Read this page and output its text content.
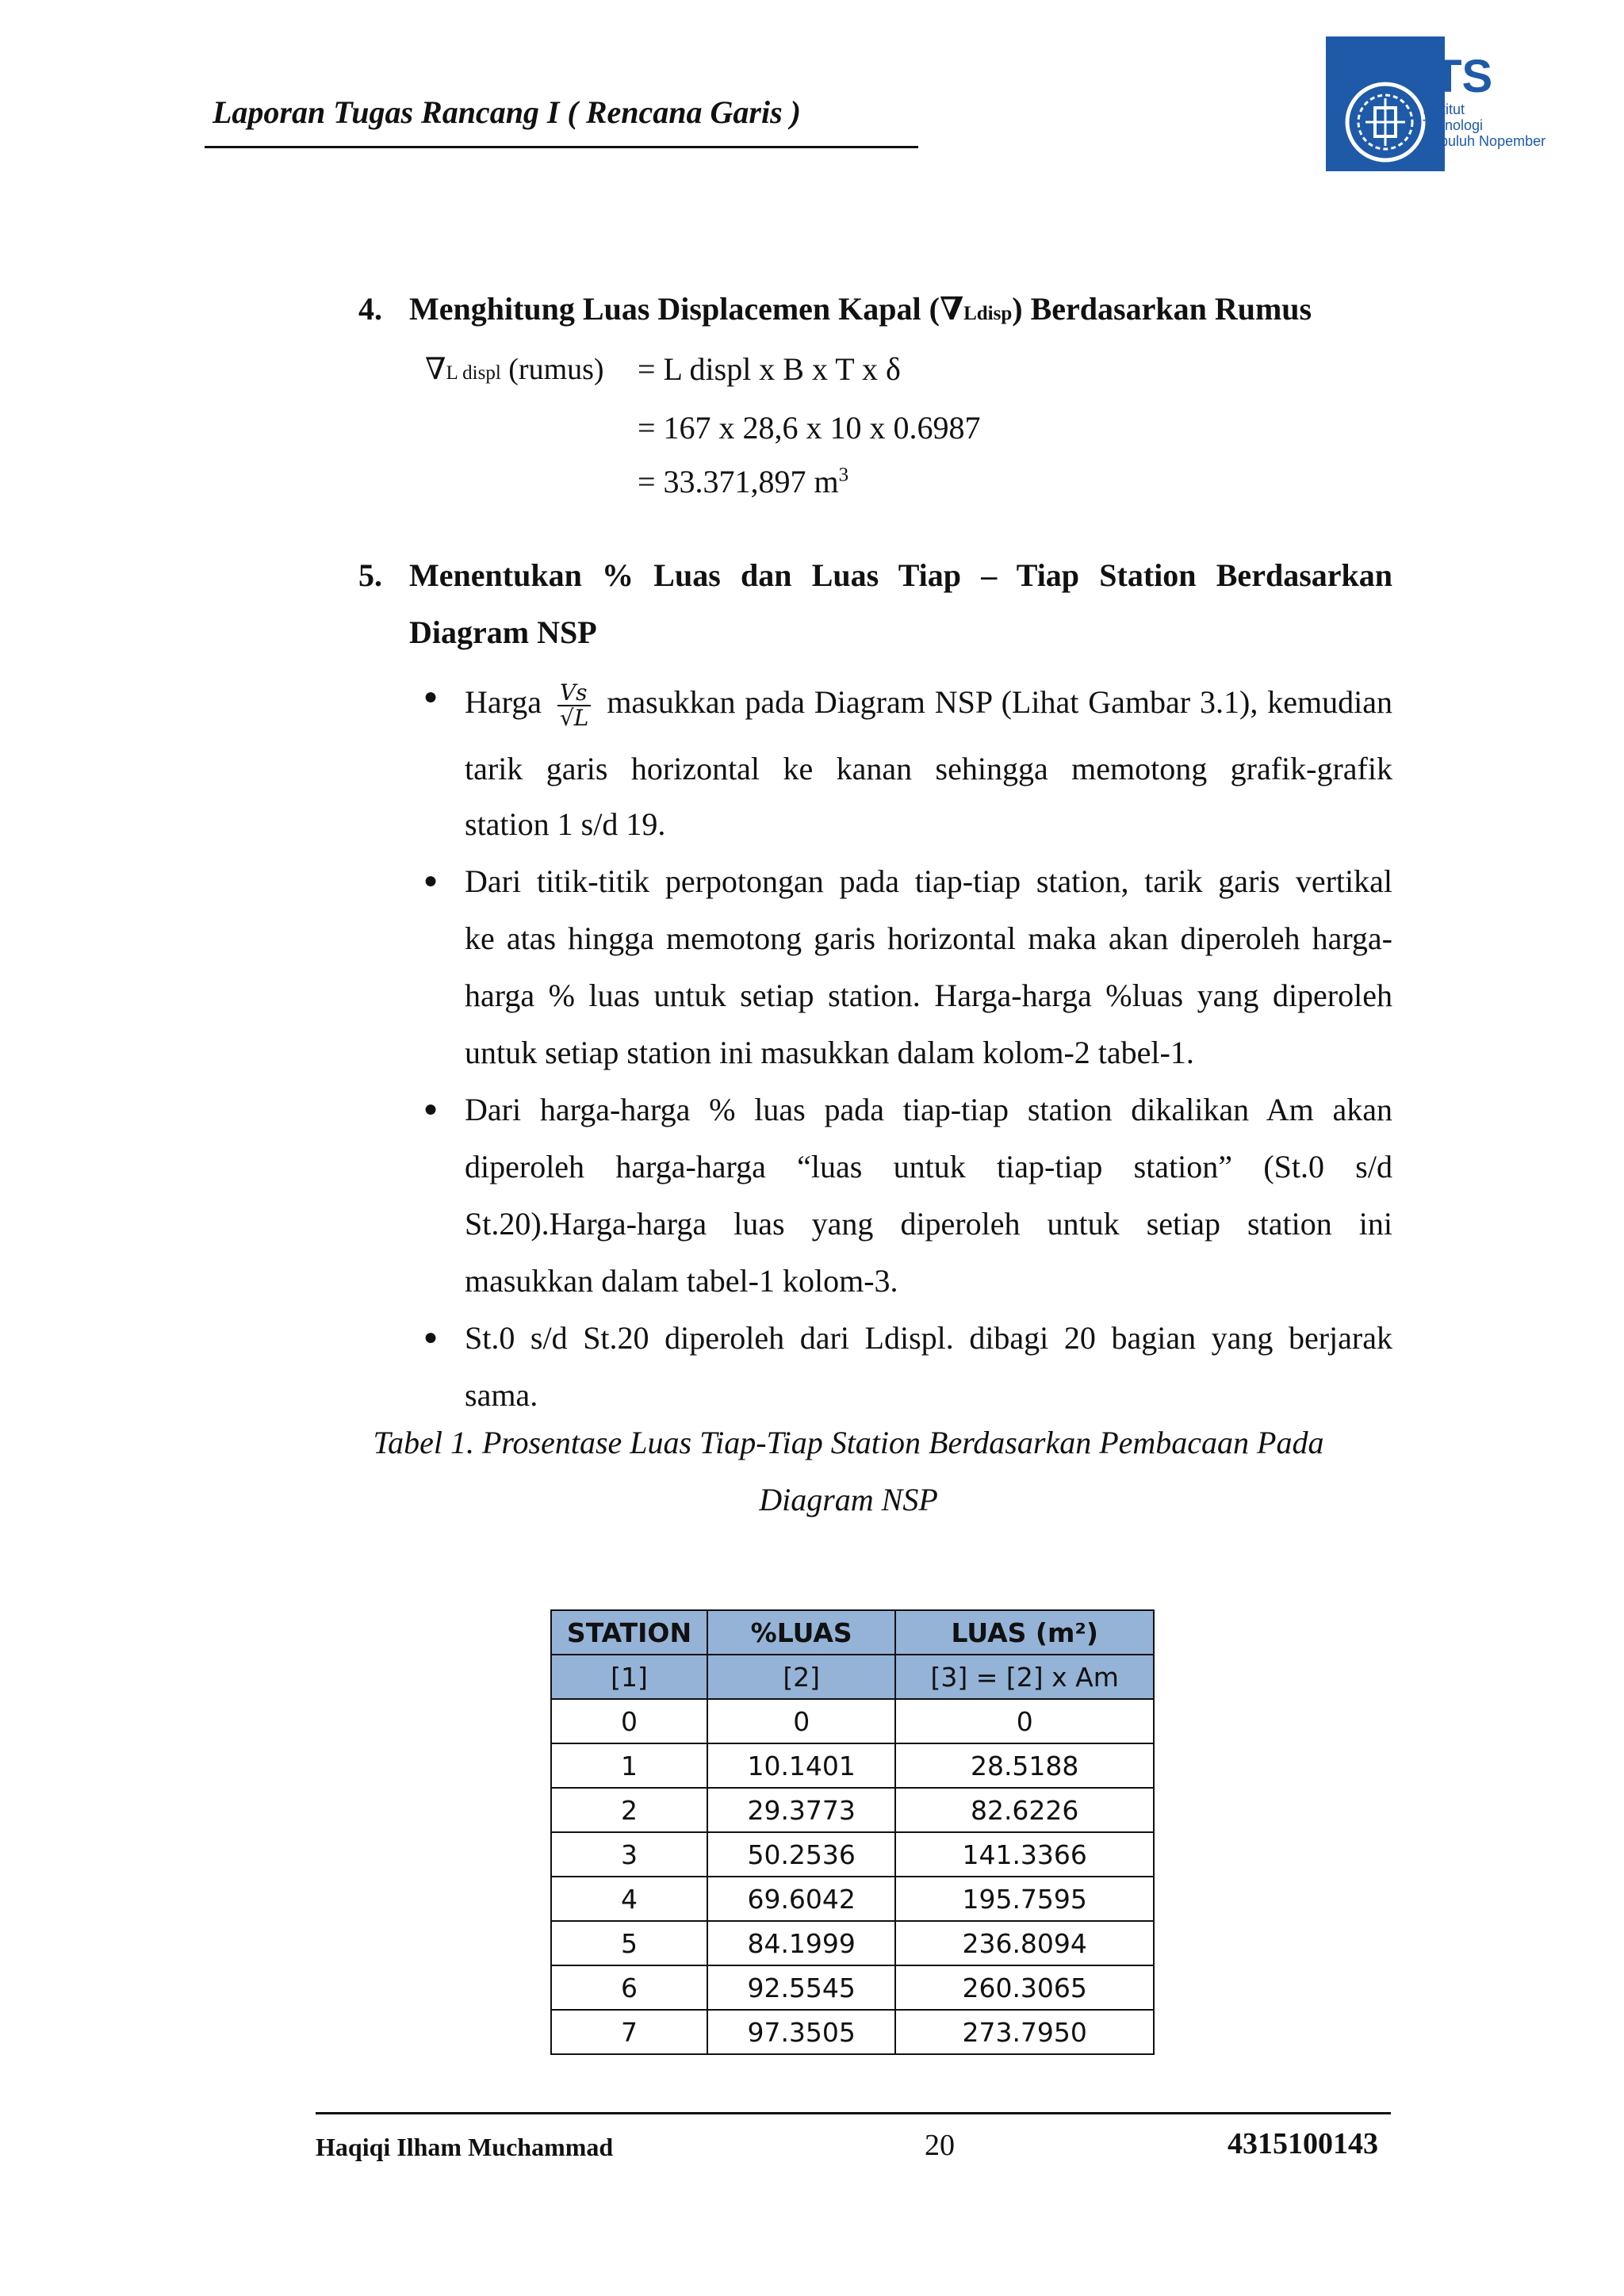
Laporan Tugas Rancang I ( Rencana Garis )
ITS
Institut
Teknologi
Sepuluh Nopember
4. Menghitung Luas Displacemen Kapal (∇Ldisp) Berdasarkan Rumus
∇L displ (rumus) = L displ x B x T x δ
= 167 x 28,6 x 10 x 0.6987
= 33.371,897 $m^3$
5. Menentukan % Luas dan Luas Tiap – Tiap Station Berdasarkan
Diagram NSP
● Harga $\frac{Vs}{√L}$ masukkan pada Diagram NSP (Lihat Gambar 3.1), kemudian
tarik garis horizontal ke kanan sehingga memotong grafik-grafik
station 1 s/d 19.
● Dari titik-titik perpotongan pada tiap-tiap station, tarik garis vertikal
ke atas hingga memotong garis horizontal maka akan diperoleh harga-
harga % luas untuk setiap station. Harga-harga %luas yang diperoleh
untuk setiap station ini masukkan dalam kolom-2 tabel-1.
● Dari harga-harga % luas pada tiap-tiap station dikalikan Am akan
diperoleh harga-harga “luas untuk tiap-tiap station” (St.0 s/d
St.20).Harga-harga luas yang diperoleh untuk setiap station ini
masukkan dalam tabel-1 kolom-3.
● St.0 s/d St.20 diperoleh dari Ldispl. dibagi 20 bagian yang berjarak
sama.
Tabel 1. Prosentase Luas Tiap-Tiap Station Berdasarkan Pembacaan Pada
Diagram NSP
STATION	%LUAS	LUAS (m²)
[1]	[2]	[3] = [2] x Am
0	0	0
1	10.1401	28.5188
2	29.3773	82.6226
3	50.2536	141.3366
4	69.6042	195.7595
5	84.1999	236.8094
6	92.5545	260.3065
7	97.3505	273.7950
Haqiqi Ilham Muchammad	20	4315100143
